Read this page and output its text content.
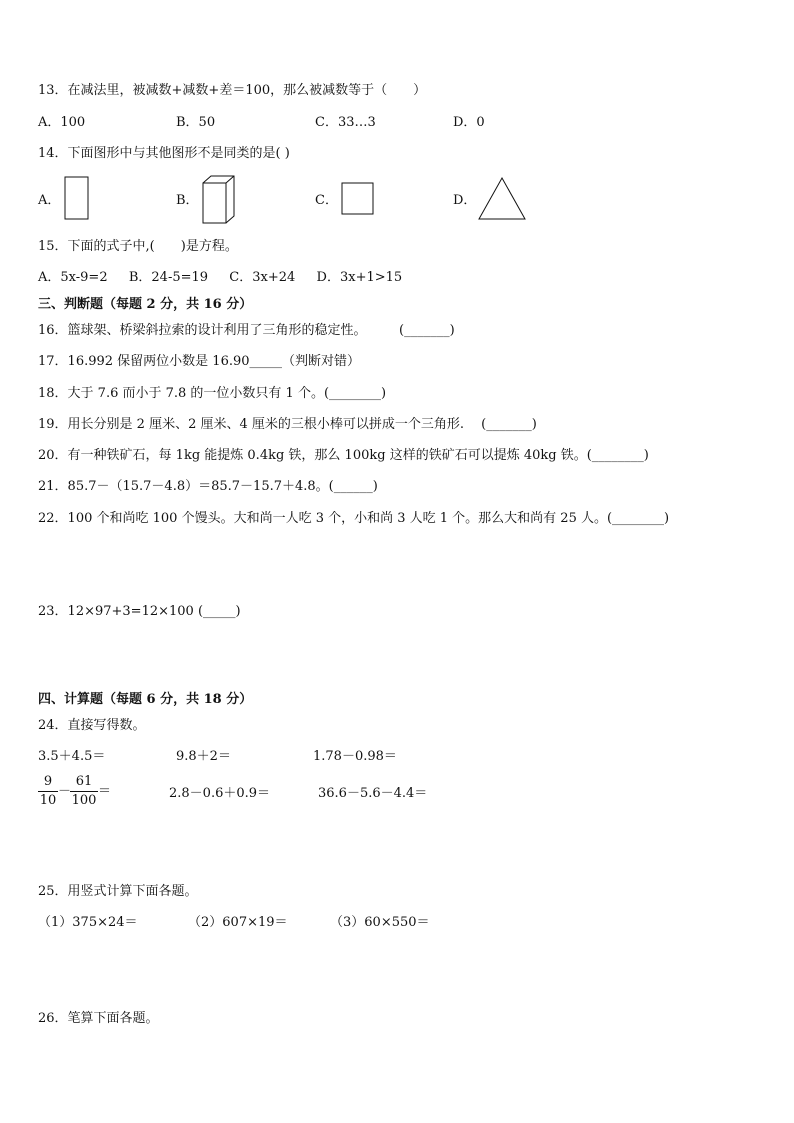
13．在减法里，被减数+减数+差＝100，那么被减数等于（　　）
A．100	B．50	C．33…3	D．0
14．下面图形中与其他图形不是同类的是( )
A．	B．	C．	D．
15．下面的式子中,(　　)是方程。
A．5x-9=2　  B．24-5=19　  C．3x+24　  D．3x+1>15
三、判断题（每题 2 分，共 16 分）
16．篮球架、桥梁斜拉索的设计利用了三角形的稳定性。　　　(_______)
17．16.992 保留两位小数是 16.90_____（判断对错）
18．大于 7.6 而小于 7.8 的一位小数只有 1 个。(________)
19．用长分别是 2 厘米、2 厘米、4 厘米的三根小棒可以拼成一个三角形.　 (_______)
20．有一种铁矿石，每 1kg 能提炼 0.4kg 铁，那么 100kg 这样的铁矿石可以提炼 40kg 铁。(________)
21．85.7－（15.7－4.8）＝85.7－15.7＋4.8。(______)
22．100 个和尚吃 100 个馒头。大和尚一人吃 3 个，小和尚 3 人吃 1 个。那么大和尚有 25 人。(________)
23．12×97+3=12×100 (_____)
四、计算题（每题 6 分，共 18 分）
24．直接写得数。
3.5＋4.5＝	9.8＋2＝	1.78－0.98＝
9
10
－
61
100
＝	2.8－0.6＋0.9＝	36.6－5.6－4.4＝
25．用竖式计算下面各题。
（1）375×24＝	（2）607×19＝	（3）60×550＝
26．笔算下面各题。
